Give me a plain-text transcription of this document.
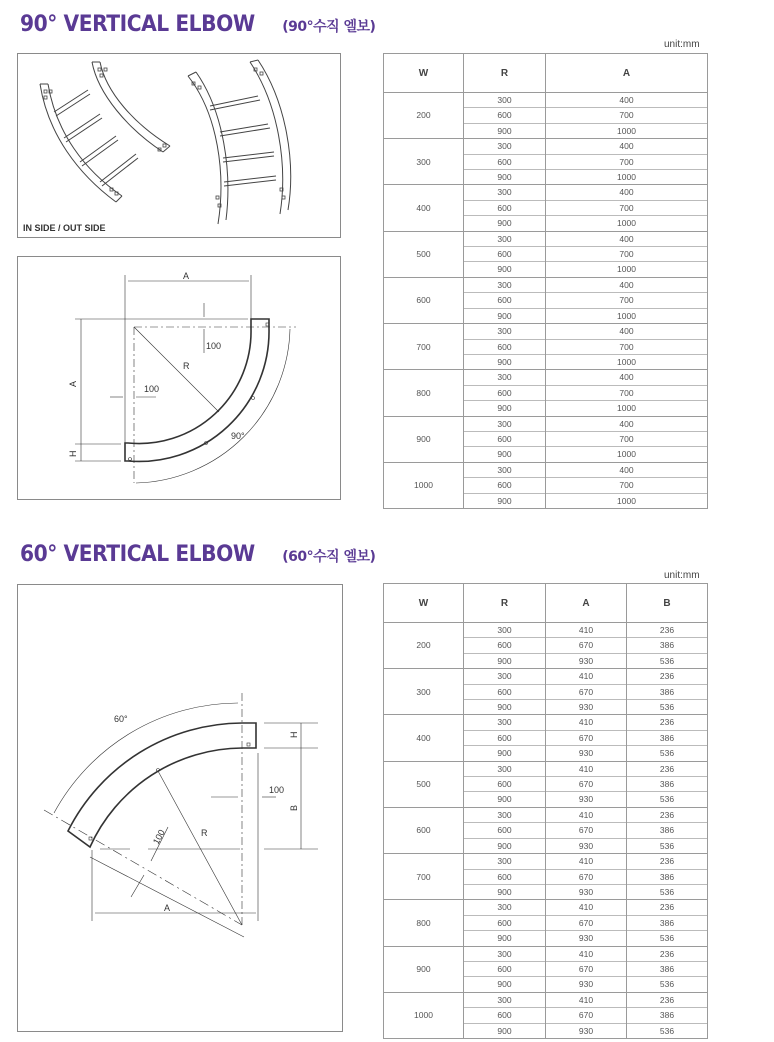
90° VERTICAL ELBOW (90°수직 엘보)
unit:mm
IN SIDE / OUT SIDE
A
A
H
R
100
100
90°
W	R	A
200	300	400
	600	700
	900	1000
300	300	400
	600	700
	900	1000
400	300	400
	600	700
	900	1000
500	300	400
	600	700
	900	1000
600	300	400
	600	700
	900	1000
700	300	400
	600	700
	900	1000
800	300	400
	600	700
	900	1000
900	300	400
	600	700
	900	1000
1000	300	400
	600	700
	900	1000
60° VERTICAL ELBOW (60°수직 엘보)
unit:mm
60°
H
B
R
A
100
100
W	R	A	B
200	300	410	236
	600	670	386
	900	930	536
300	300	410	236
	600	670	386
	900	930	536
400	300	410	236
	600	670	386
	900	930	536
500	300	410	236
	600	670	386
	900	930	536
600	300	410	236
	600	670	386
	900	930	536
700	300	410	236
	600	670	386
	900	930	536
800	300	410	236
	600	670	386
	900	930	536
900	300	410	236
	600	670	386
	900	930	536
1000	300	410	236
	600	670	386
	900	930	536
